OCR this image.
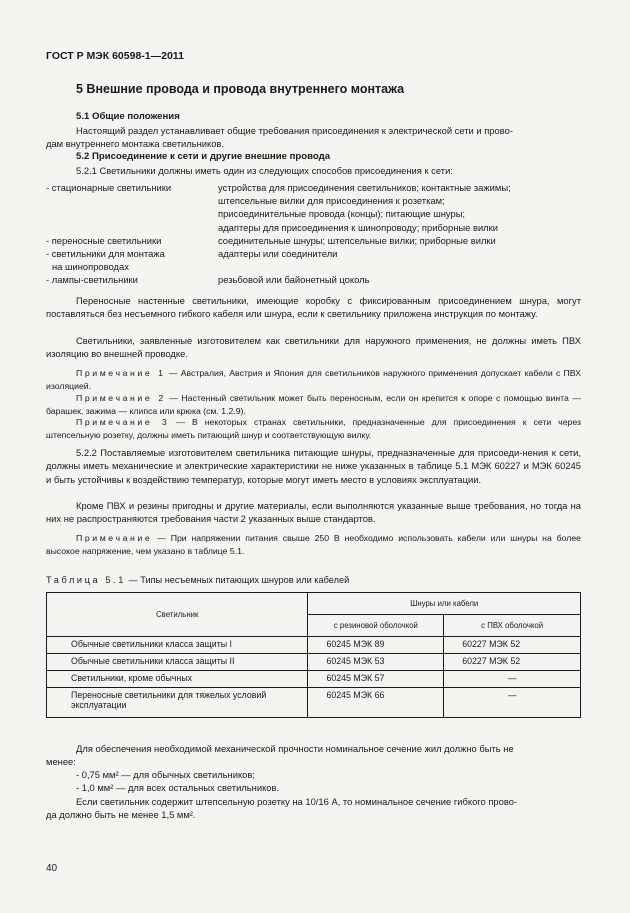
ГОСТ Р МЭК 60598-1—2011
5 Внешние провода и провода внутреннего монтажа
5.1 Общие положения
Настоящий раздел устанавливает общие требования присоединения к электрической сети и прово-
дам внутреннего монтажа светильников.
5.2 Присоединение к сети и другие внешние провода
5.2.1 Светильники должны иметь один из следующих способов присоединения к сети:
- стационарные светильники	устройства для присоединения светильников; контактные зажимы;
штепсельные вилки для присоединения к розеткам;
присоединительные провода (концы); питающие шнуры;
адаптеры для присоединения к шинопроводу; приборные вилки
- переносные светильники	соединительные шнуры; штепсельные вилки; приборные вилки
- светильники для монтажа	адаптеры или соединители
на шинопроводах
- лампы-светильники	резьбовой или байонетный цоколь
Переносные настенные светильники, имеющие коробку с фиксированным присоединением шнура, могут поставляться без несъемного гибкого кабеля или шнура, если к светильнику приложена инструкция по монтажу.
Светильники, заявленные изготовителем как светильники для наружного применения, не должны иметь ПВХ изоляцию во внешней проводке.
Примечание 1 — Австралия, Австрия и Япония для светильников наружного применения допускает кабели с ПВХ изоляцией.
Примечание 2 — Настенный светильник может быть переносным, если он крепится к опоре с помощью винта — барашек, зажима — клипса или крюка (см. 1.2.9).
Примечание 3 — В некоторых странах светильники, предназначенные для присоединения к сети через штепсельную розетку, должны иметь питающий шнур и соответствующую вилку.
5.2.2 Поставляемые изготовителем светильника питающие шнуры, предназначенные для присоеди-нения к сети, должны иметь механические и электрические характеристики не ниже указанных в таблице 5.1 МЭК 60227 и МЭК 60245 и быть устойчивы к воздействию температур, которые могут иметь место в условиях эксплуатации.
Кроме ПВХ и резины пригодны и другие материалы, если выполняются указанные выше требования, но тогда на них не распространяются требования части 2 указанных выше стандартов.
Примечание — При напряжении питания свыше 250 В необходимо использовать кабели или шнуры на более высокое напряжение, чем указано в таблице 5.1.
Таблица 5.1 — Типы несъемных питающих шнуров или кабелей
Светильник	Шнуры или кабели	
	с резиновой оболочкой	с ПВХ оболочкой
Обычные светильники класса защиты I	60245 МЭК 89	60227 МЭК 52
Обычные светильники класса защиты II	60245 МЭК 53	60227 МЭК 52
Светильники, кроме обычных	60245 МЭК 57	—
Переносные светильники для тяжелых условий эксплуатации	60245 МЭК 66	—
Для обеспечения необходимой механической прочности номинальное сечение жил должно быть не
менее:
- 0,75 мм² — для обычных светильников;
- 1,0 мм² — для всех остальных светильников.
Если светильник содержит штепсельную розетку на 10/16 А, то номинальное сечение гибкого прово-
да должно быть не менее 1,5 мм².
40
